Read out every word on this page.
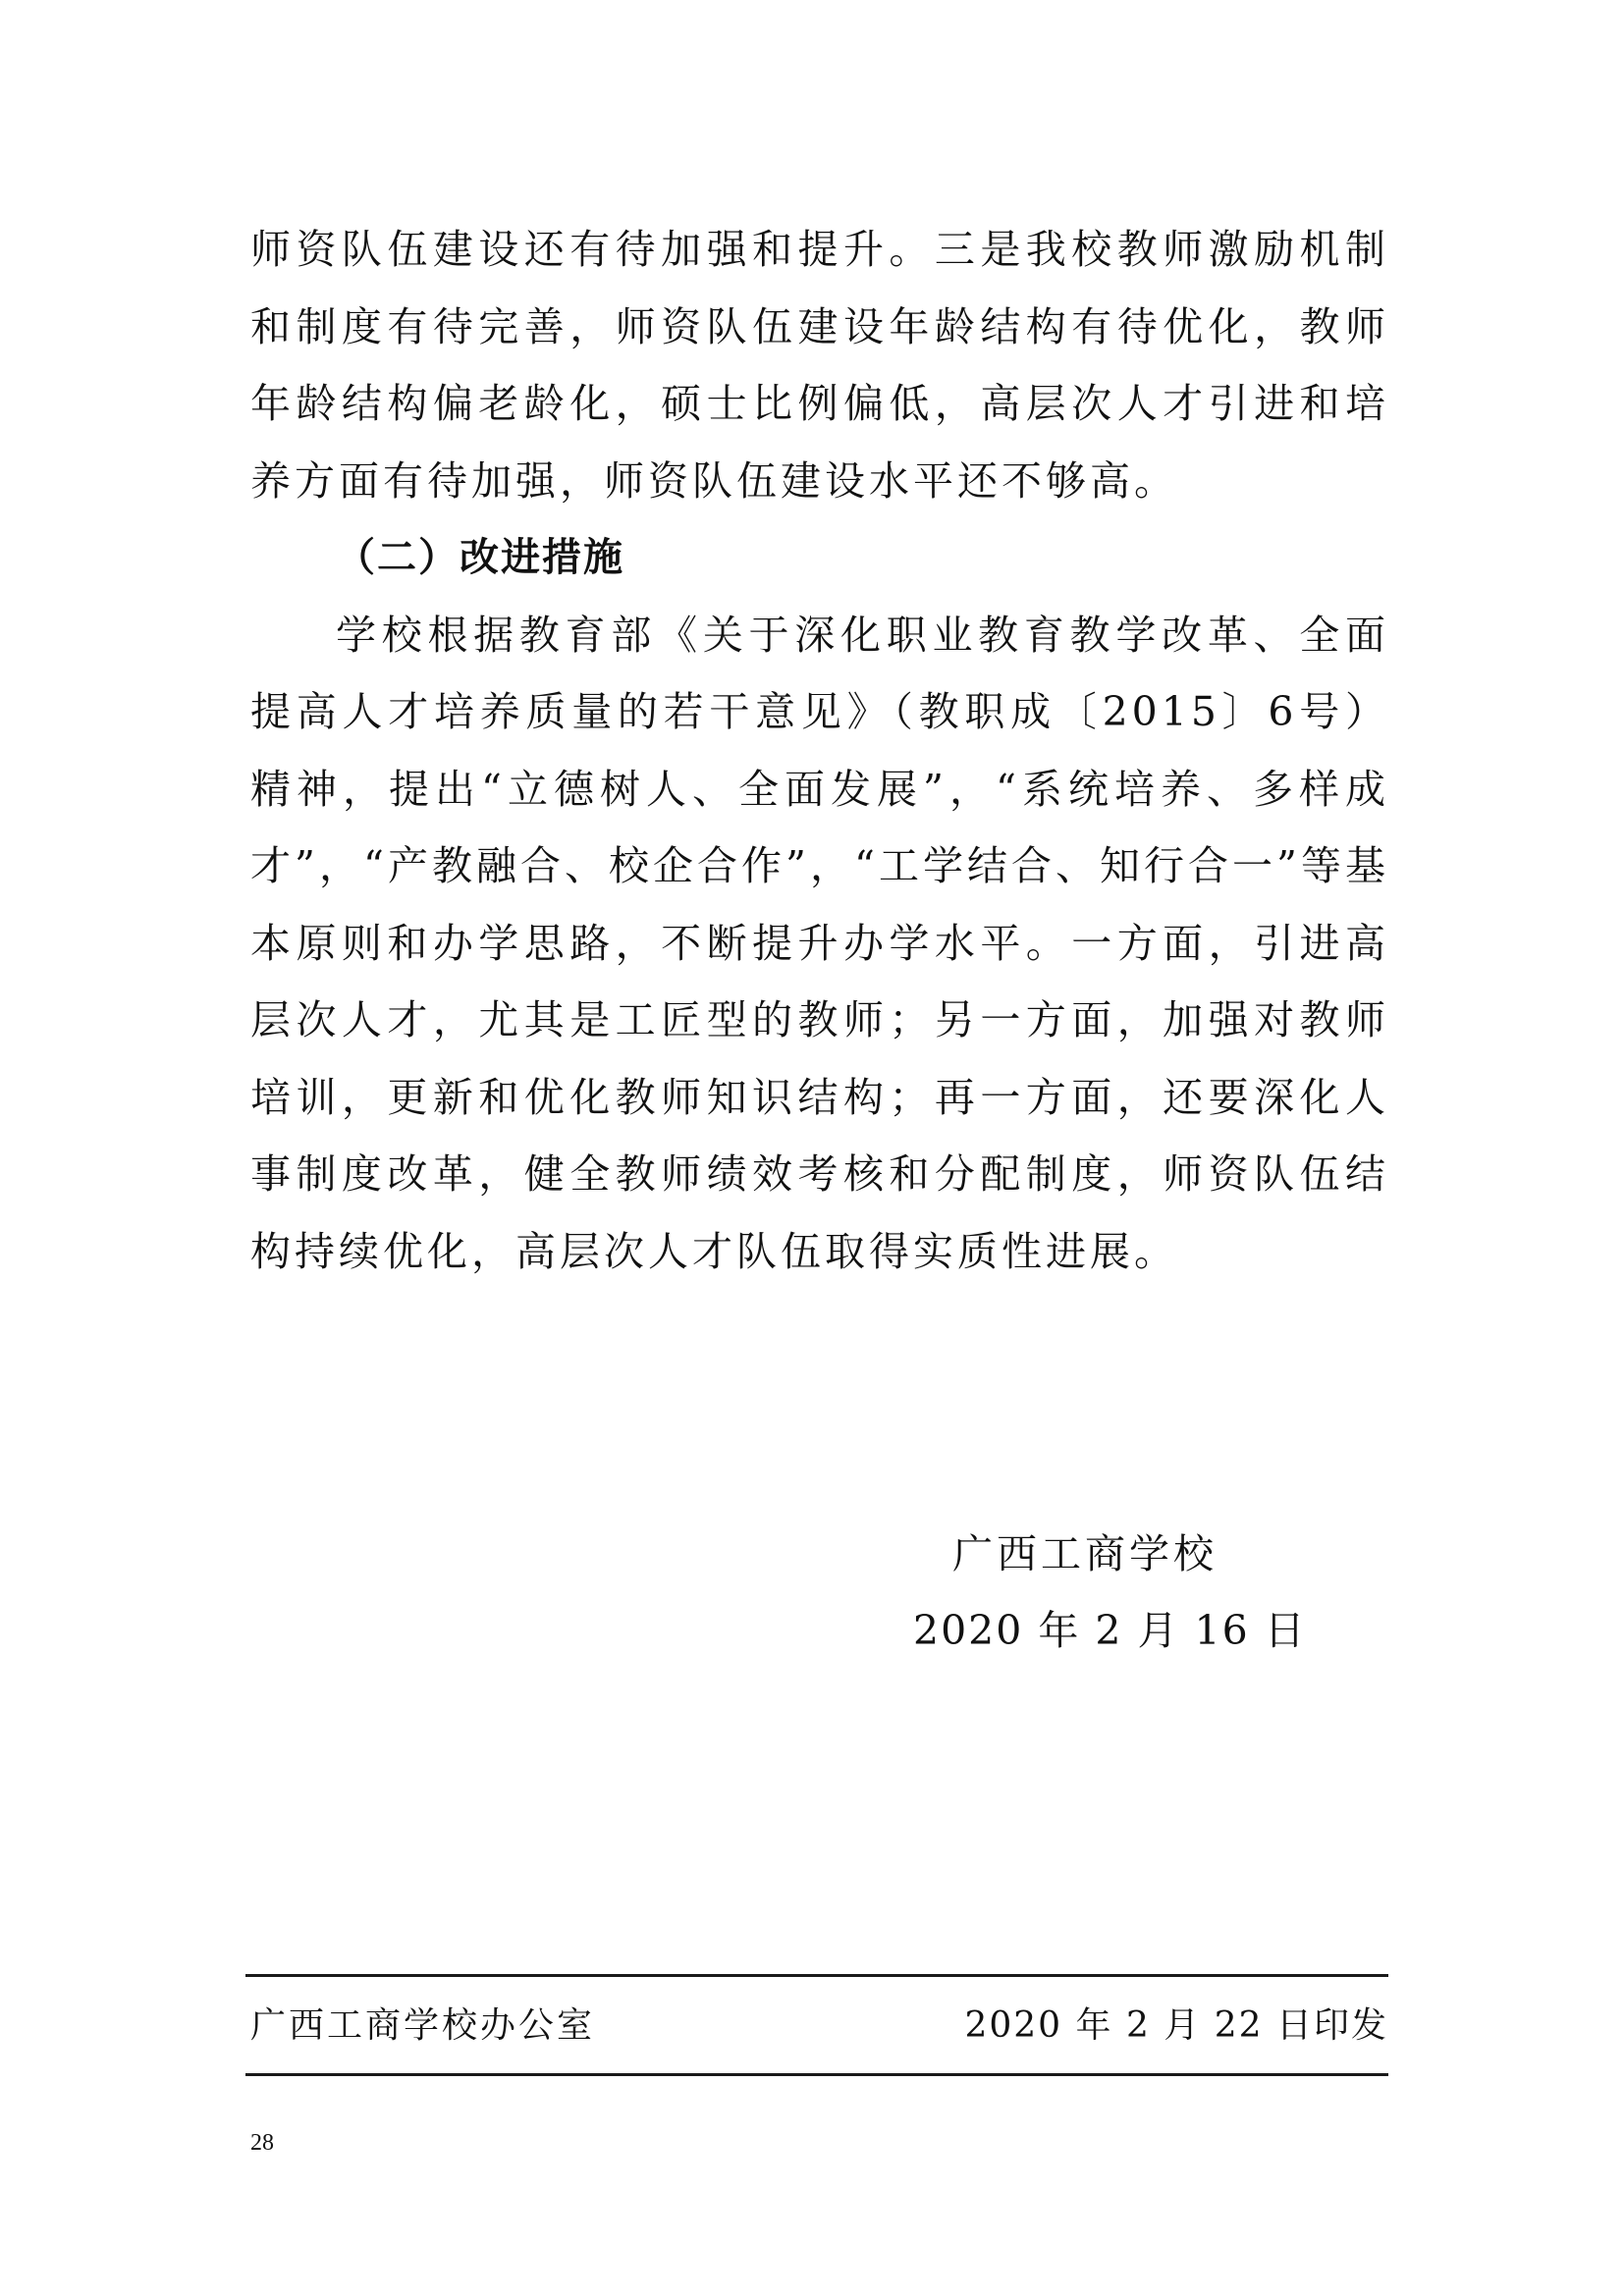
师资队伍建设还有待加强和提升。三是我校教师激励机制和制度有待完善，师资队伍建设年龄结构有待优化，教师年龄结构偏老龄化，硕士比例偏低，高层次人才引进和培养方面有待加强，师资队伍建设水平还不够高。

（二）改进措施

学校根据教育部《关于深化职业教育教学改革、全面提高人才培养质量的若干意见》（教职成〔2015〕6号）精神，提出“立德树人、全面发展”，“系统培养、多样成才”，“产教融合、校企合作”，“工学结合、知行合一”等基本原则和办学思路，不断提升办学水平。一方面，引进高层次人才，尤其是工匠型的教师；另一方面，加强对教师培训，更新和优化教师知识结构；再一方面，还要深化人事制度改革，健全教师绩效考核和分配制度，师资队伍结构持续优化，高层次人才队伍取得实质性进展。

广西工商学校
2020 年 2 月 16 日
广西工商学校办公室	2020 年 2 月 22 日印发
28
